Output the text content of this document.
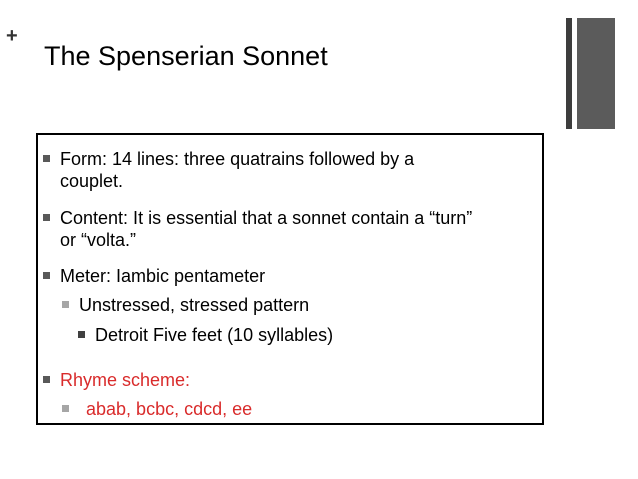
+
The Spenserian Sonnet
Form: 14 lines: three quatrains followed by a
couplet.
Content: It is essential that a sonnet contain a “turn”
or “volta.”
Meter: Iambic pentameter
Unstressed, stressed pattern
Detroit Five feet (10 syllables)
Rhyme scheme:
abab, bcbc, cdcd, ee
